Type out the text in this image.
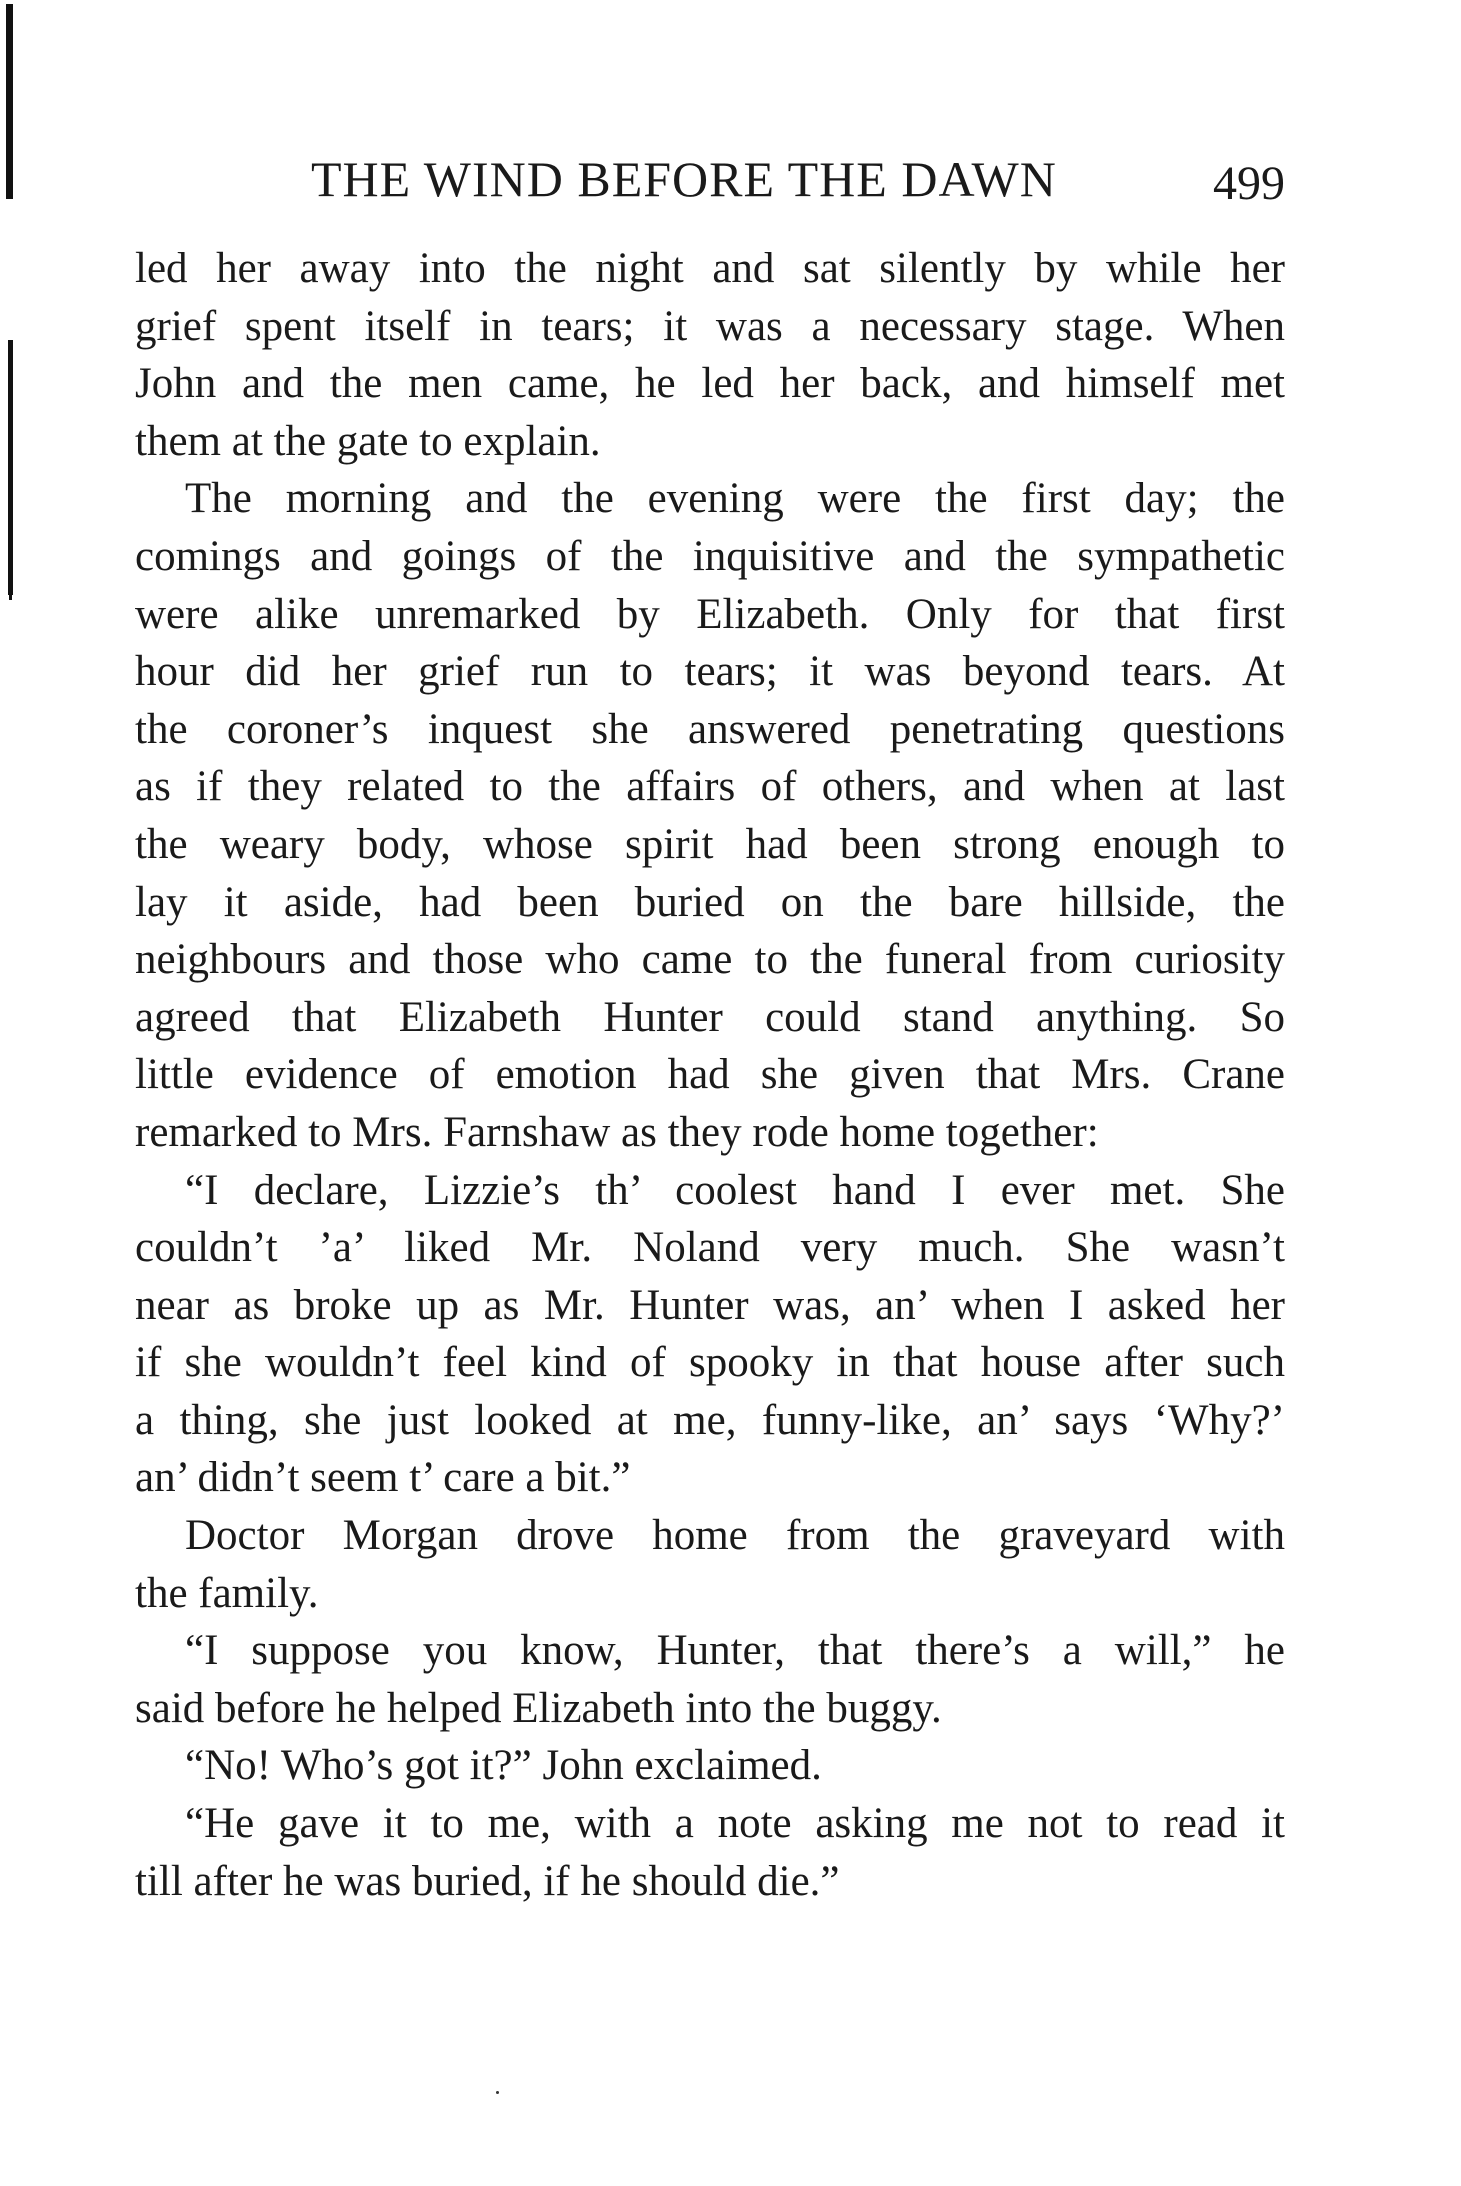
THE WIND BEFORE THE DAWN	499
led her away into the night and sat silently by while her
grief spent itself in tears; it was a necessary stage. When
John and the men came, he led her back, and himself met
them at the gate to explain.
The morning and the evening were the first day; the
comings and goings of the inquisitive and the sympathetic
were alike unremarked by Elizabeth. Only for that first
hour did her grief run to tears; it was beyond tears. At
the coroner’s inquest she answered penetrating questions
as if they related to the affairs of others, and when at last
the weary body, whose spirit had been strong enough to
lay it aside, had been buried on the bare hillside, the
neighbours and those who came to the funeral from curiosity
agreed that Elizabeth Hunter could stand anything. So
little evidence of emotion had she given that Mrs. Crane
remarked to Mrs. Farnshaw as they rode home together:
“I declare, Lizzie’s th’ coolest hand I ever met. She
couldn’t ’a’ liked Mr. Noland very much. She wasn’t
near as broke up as Mr. Hunter was, an’ when I asked her
if she wouldn’t feel kind of spooky in that house after such
a thing, she just looked at me, funny-like, an’ says ‘Why?’
an’ didn’t seem t’ care a bit.”
Doctor Morgan drove home from the graveyard with
the family.
“I suppose you know, Hunter, that there’s a will,” he
said before he helped Elizabeth into the buggy.
“No! Who’s got it?” John exclaimed.
“He gave it to me, with a note asking me not to read it
till after he was buried, if he should die.”
